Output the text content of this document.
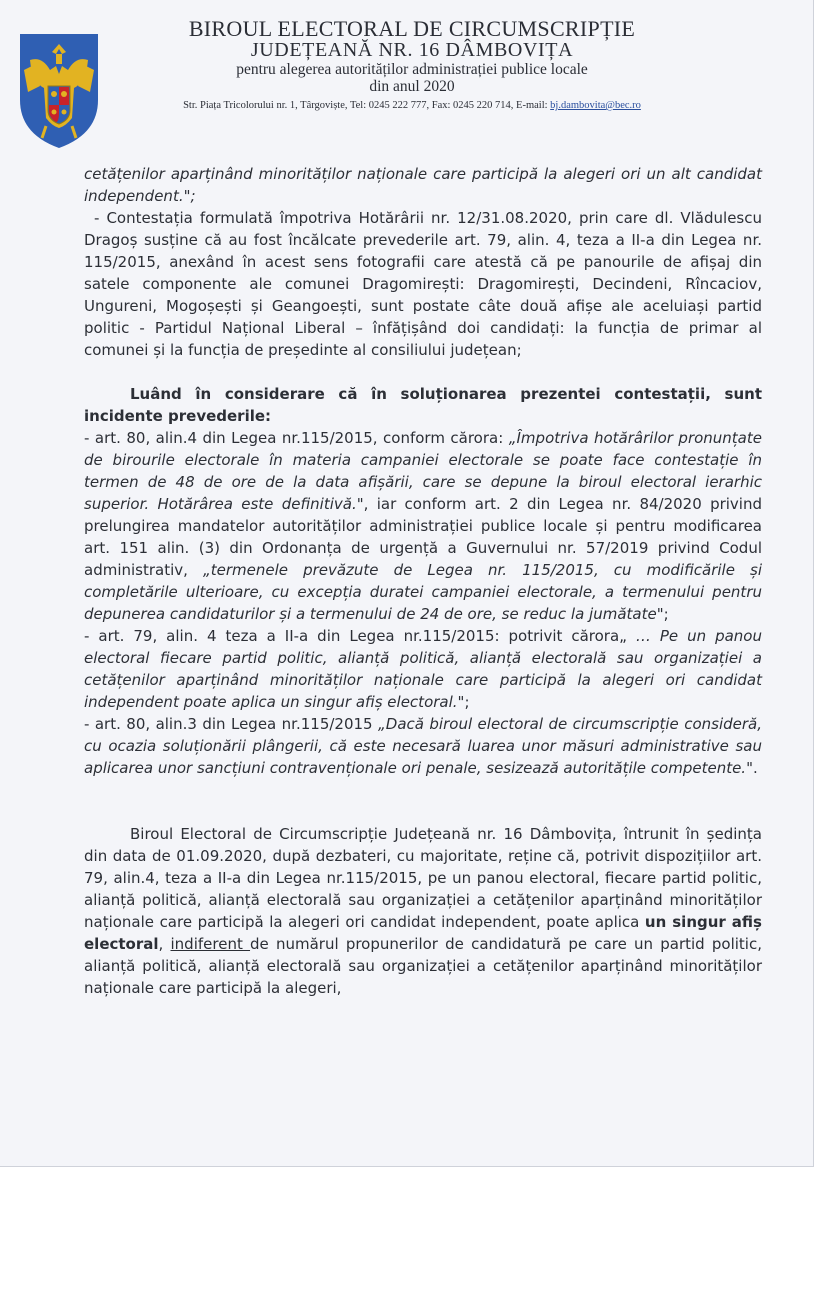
BIROUL ELECTORAL DE CIRCUMSCRIPȚIE
JUDEȚEANĂ NR. 16 DÂMBOVIȚA
pentru alegerea autorităților administrației publice locale
din anul 2020
Str. Piața Tricolorului nr. 1, Târgoviște, Tel: 0245 222 777, Fax: 0245 220 714, E-mail: bj.dambovita@bec.ro

cetățenilor aparținând minorităților naționale care participă la alegeri ori un alt candidat independent.";

- Contestația formulată împotriva Hotărârii nr. 12/31.08.2020, prin care dl. Vlădulescu Dragoș susține că au fost încălcate prevederile art. 79, alin. 4, teza a II-a din Legea nr. 115/2015, anexând în acest sens fotografii care atestă că pe panourile de afișaj din satele componente ale comunei Dragomirești: Dragomirești, Decindeni, Rîncaciov, Ungureni, Mogoșești și Geangoești, sunt postate câte două afișe ale aceluiași partid politic - Partidul Național Liberal – înfățișând doi candidați: la funcția de primar al comunei și la funcția de președinte al consiliului județean;

Luând în considerare că în soluționarea prezentei contestații, sunt incidente prevederile:

- art. 80, alin.4 din Legea nr.115/2015, conform cărora: „Împotriva hotărârilor pronunțate de birourile electorale în materia campaniei electorale se poate face contestație în termen de 48 de ore de la data afișării, care se depune la biroul electoral ierarhic superior. Hotărârea este definitivă.", iar conform art. 2 din Legea nr. 84/2020 privind prelungirea mandatelor autorităților administrației publice locale și pentru modificarea art. 151 alin. (3) din Ordonanța de urgență a Guvernului nr. 57/2019 privind Codul administrativ, „termenele prevăzute de Legea nr. 115/2015, cu modificările și completările ulterioare, cu excepția duratei campaniei electorale, a termenului pentru depunerea candidaturilor și a termenului de 24 de ore, se reduc la jumătate";

- art. 79, alin. 4 teza a II-a din Legea nr.115/2015: potrivit cărora„ … Pe un panou electoral fiecare partid politic, alianță politică, alianță electorală sau organizației a cetățenilor aparținând minorităților naționale care participă la alegeri ori candidat independent poate aplica un singur afiș electoral.";

- art. 80, alin.3 din Legea nr.115/2015 „Dacă biroul electoral de circumscripție consideră, cu ocazia soluționării plângerii, că este necesară luarea unor măsuri administrative sau aplicarea unor sancțiuni contravenționale ori penale, sesizează autoritățile competente.".

Biroul Electoral de Circumscripție Județeană nr. 16 Dâmbovița, întrunit în ședința din data de 01.09.2020, după dezbateri, cu majoritate, reține că, potrivit dispozițiilor art. 79, alin.4, teza a II-a din Legea nr.115/2015, pe un panou electoral, fiecare partid politic, alianță politică, alianță electorală sau organizației a cetățenilor aparținând minorităților naționale care participă la alegeri ori candidat independent, poate aplica un singur afiș electoral, indiferent de numărul propunerilor de candidatură pe care un partid politic, alianță politică, alianță electorală sau organizației a cetățenilor aparținând minorităților naționale care participă la alegeri,
